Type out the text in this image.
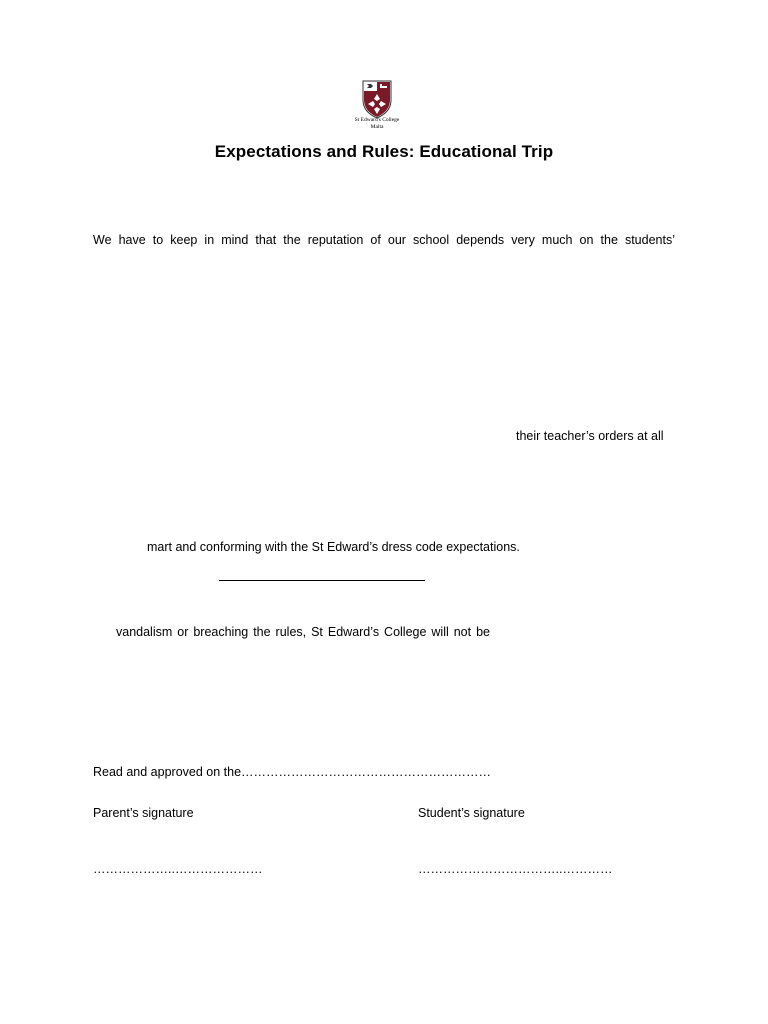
St Edward's College
Malta
Expectations and Rules: Educational Trip
We have to keep in mind that the reputation of our school depends very much on the students’
their teacher’s orders at all
mart and conforming with the St Edward’s dress code expectations.
vandalism or breaching the rules, St Edward’s College will not be
Read and approved on the……………………………………………………
Parent’s signature	Student’s signature
………………..…………………	……………………………..…………
